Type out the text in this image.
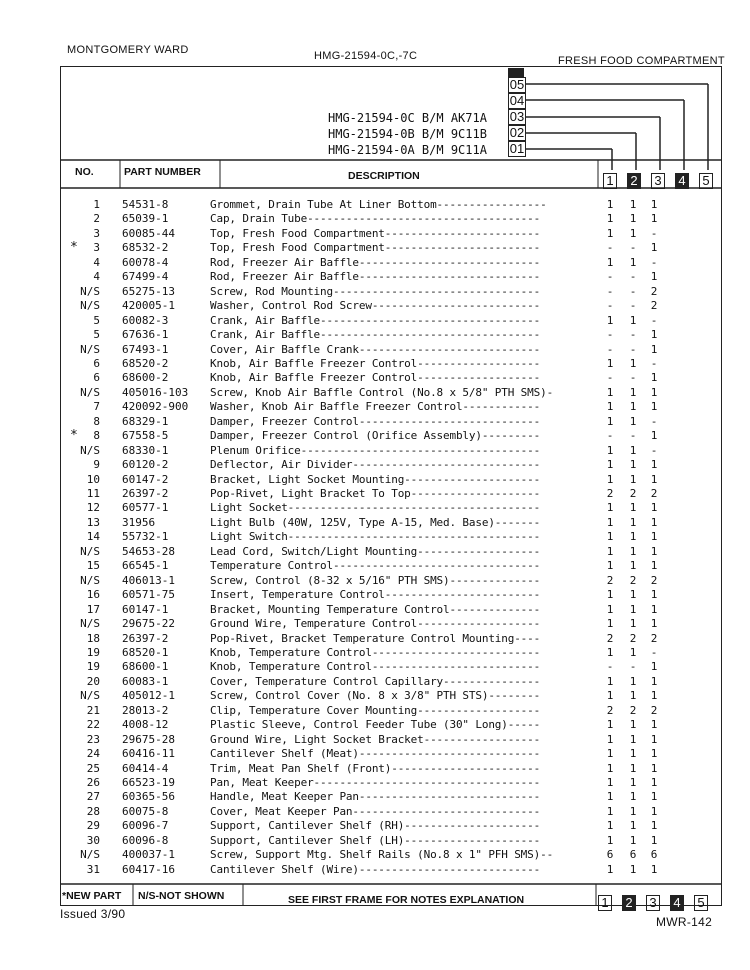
MONTGOMERY WARD	HMG-21594-0C,-7C	FRESH FOOD COMPARTMENT
05
04
03
02
01
HMG-21594-0C B/M AK71A
HMG-21594-0B B/M 9C11B
HMG-21594-0A B/M 9C11A
NO.	PART NUMBER	DESCRIPTION	1 2 3 4 5
1 54531-8	Grommet, Drain Tube At Liner Bottom-----------------	1	1	1
2 65039-1	Cap, Drain Tube------------------------------------	1	1	1
3 60085-44	Top, Fresh Food Compartment------------------------	1	1	-
*	3 68532-2	Top, Fresh Food Compartment------------------------	-	-	1
4 60078-4	Rod, Freezer Air Baffle----------------------------	1	1	-
4 67499-4	Rod, Freezer Air Baffle----------------------------	-	-	1
N/S 65275-13	Screw, Rod Mounting--------------------------------	-	-	2
N/S 420005-1	Washer, Control Rod Screw--------------------------	-	-	2
5 60082-3	Crank, Air Baffle----------------------------------	1	1	-
5 67636-1	Crank, Air Baffle----------------------------------	-	-	1
N/S 67493-1	Cover, Air Baffle Crank----------------------------	-	-	1
6 68520-2	Knob, Air Baffle Freezer Control-------------------	1	1	-
6 68600-2	Knob, Air Baffle Freezer Control-------------------	-	-	1
N/S 405016-103 Screw, Knob Air Baffle Control (No.8 x 5/8" PTH SMS)-	1	1	1
7 420092-900 Washer, Knob Air Baffle Freezer Control------------	1	1	1
8 68329-1	Damper, Freezer Control----------------------------	1	1	-
*	8 67558-5	Damper, Freezer Control (Orifice Assembly)---------	-	-	1
N/S 68330-1	Plenum Orifice-------------------------------------	1	1	-
9 60120-2	Deflector, Air Divider-----------------------------	1	1	1
10 60147-2	Bracket, Light Socket Mounting---------------------	1	1	1
11 26397-2	Pop-Rivet, Light Bracket To Top--------------------	2	2	2
12 60577-1	Light Socket---------------------------------------	1	1	1
13 31956	Light Bulb (40W, 125V, Type A-15, Med. Base)-------	1	1	1
14 55732-1	Light Switch---------------------------------------	1	1	1
N/S 54653-28	Lead Cord, Switch/Light Mounting-------------------	1	1	1
15 66545-1	Temperature Control--------------------------------	1	1	1
N/S 406013-1	Screw, Control (8-32 x 5/16" PTH SMS)--------------	2	2	2
16 60571-75	Insert, Temperature Control------------------------	1	1	1
17 60147-1	Bracket, Mounting Temperature Control--------------	1	1	1
N/S 29675-22	Ground Wire, Temperature Control-------------------	1	1	1
18 26397-2	Pop-Rivet, Bracket Temperature Control Mounting----	2	2	2
19 68520-1	Knob, Temperature Control--------------------------	1	1	-
19 68600-1	Knob, Temperature Control--------------------------	-	-	1
20 60083-1	Cover, Temperature Control Capillary---------------	1	1	1
N/S 405012-1	Screw, Control Cover (No. 8 x 3/8" PTH STS)--------	1	1	1
21 28013-2	Clip, Temperature Cover Mounting-------------------	2	2	2
22 4008-12	Plastic Sleeve, Control Feeder Tube (30" Long)-----	1	1	1
23 29675-28	Ground Wire, Light Socket Bracket------------------	1	1	1
24 60416-11	Cantilever Shelf (Meat)----------------------------	1	1	1
25 60414-4	Trim, Meat Pan Shelf (Front)-----------------------	1	1	1
26 66523-19	Pan, Meat Keeper-----------------------------------	1	1	1
27 60365-56	Handle, Meat Keeper Pan----------------------------	1	1	1
28 60075-8	Cover, Meat Keeper Pan-----------------------------	1	1	1
29 60096-7	Support, Cantilever Shelf (RH)---------------------	1	1	1
30 60096-8	Support, Cantilever Shelf (LH)---------------------	1	1	1
N/S 400037-1	Screw, Support Mtg. Shelf Rails (No.8 x 1" PFH SMS)--	6	6	6
31 60417-16	Cantilever Shelf (Wire)----------------------------	1	1	1
*NEW PART N/S-NOT SHOWN	SEE FIRST FRAME FOR NOTES EXPLANATION	1 2 3 4 5
Issued 3/90
MWR-142
